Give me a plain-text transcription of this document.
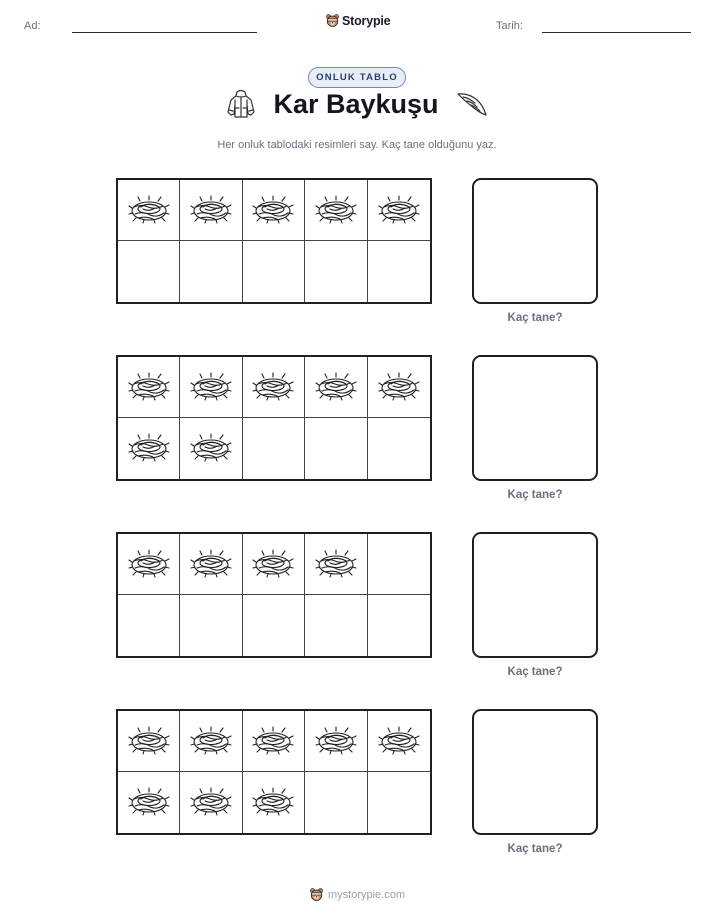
Ad:	Storypie	Tarih:
ONLUK TABLO
Kar Baykuşu

Her onluk tablodaki resimleri say. Kaç tane olduğunu yaz.

Kaç tane?
Kaç tane?
Kaç tane?
Kaç tane?
mystorypie.com
